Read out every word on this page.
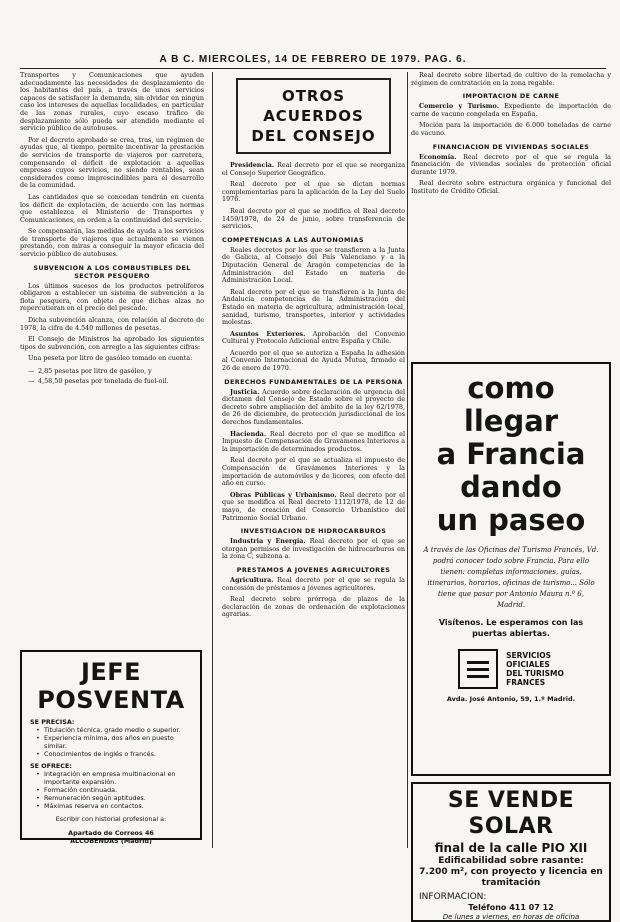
A B C. MIERCOLES, 14 DE FEBRERO DE 1979. PAG. 6.

Transportes y Comunicaciones que ayuden adecuadamente las necesidades de desplazamiento de los habitantes del país, a través de unos servicios capaces de satisfacer la demanda, sin olvidar en ningún caso los intereses de aquellas localidades, en particular de las zonas rurales, cuyo escaso tráfico de desplazamiento sólo pueda ser atendido mediante el servicio público de autobuses.

Por el decreto aprobado se crea, tras, un régimen de ayudas que, al tiempo, permite incentivar la prestación de servicios de transporte de viajeros por carretera, compensando el déficit de explotación a aquellas empresas cuyos servicios, no siendo rentables, sean considerados como imprescindibles para el desarrollo de la comunidad.

Las cantidades que se concedan tendrán en cuenta los déficit de explotación, de acuerdo con las normas que establezca el Ministerio de Transportes y Comunicaciones, en orden a la continuidad del servicio.

Se compensarán, las medidas de ayuda a los servicios de transporte de viajeros que actualmente se vienen prestando, con miras a conseguir la mayor eficacia del servicio público de autobuses.

SUBVENCION A LOS COMBUSTIBLES DEL SECTOR PESQUERO

Los últimos sucesos de los productos petrolíferos obligaron a establecer un sistema de subvención a la flota pesquera, con objeto de que dichas alzas no repercutieran en el precio del pescado.

Dicha subvención alcanza, con relación al decreto de 1978, la cifra de 4.540 millones de pesetas.

El Consejo de Ministros ha aprobado los siguientes tipos de subvención, con arreglo a las siguientes cifras:

Una peseta por litro de gasóleo tomado en cuenta:

— 2,85 pesetas por litro de gasóleo, y
— 4,58,50 pesetas por tonelada de fuel-oil.
JEFE POSVENTA
SE PRECISA:
• Titulación técnica, grado medio o superior.
• Experiencia mínima, dos años en puesto similar.
• Conocimientos de inglés o francés.
SE OFRECE:
• Integración en empresa multinacional en importante expansión.
• Formación continuada.
• Remuneración según aptitudes.
• Máximas reserva en contactos.
Escribir con historial profesional a:
Apartado de Correos 46
ALCOBENDAS (Madrid)
OTROS ACUERDOS
DEL CONSEJO

Presidencia. Real decreto por el que se reorganiza el Consejo Superior Geográfico.

Real decreto por el que se dictan normas complementarias para la aplicación de la Ley del Suelo 1976.

Real decreto por el que se modifica el Real decreto 1459/1978, de 24 de junio, sobre transferencia de servicios.

COMPETENCIAS A LAS AUTONOMIAS

Reales decretos por los que se transfieren a la Junta de Galicia, al Consejo del País Valenciano y a la Diputación General de Aragón competencias de la Administración del Estado en materia de Administración Local.

Real decreto por el que se transfieren a la Junta de Andalucía competencias de la Administración del Estado en materia de agricultura, administración local, sanidad, turismo, transportes, interior y actividades molestas.

Asuntos Exteriores. Aprobación del Convenio Cultural y Protocolo Adicional entre España y Chile.

Acuerdo por el que se autoriza a España la adhesión al Convenio Internacional de Ayuda Mutua, firmado el 26 de enero de 1970.

DERECHOS FUNDAMENTALES DE LA PERSONA

Justicia. Acuerdo sobre declaración de urgencia del dictamen del Consejo de Estado sobre el proyecto de decreto sobre ampliación del ámbito de la ley 62/1978, de 26 de diciembre, de protección jurisdiccional de los derechos fundamentales.

Hacienda. Real decreto por el que se modifica el Impuesto de Compensación de Gravámenes Interiores a la importación de determinados productos.

Real decreto por el que se actualiza el impuesto de Compensación de Gravámenes Interiores y la importación de automóviles y de licores, con efecto del año en curso.

Obras Públicas y Urbanismo. Real decreto por el que se modifica el Real decreto 1112/1978, de 12 de mayo, de creación del Consorcio Urbanístico del Patrimonio Social Urbano.

INVESTIGACION DE HIDROCARBUROS

Industria y Energía. Real decreto por el que se otorgan permisos de investigación de hidrocarburos en la zona C, subzona a.

PRESTAMOS A JOVENES AGRICULTORES

Agricultura. Real decreto por el que se regula la concesión de préstamos a jóvenes agricultores.

Real decreto sobre prórroga de plazos de la declaración de zonas de ordenación de explotaciones agrarias.

Real decreto sobre libertad de cultivo de la remolacha y régimen de contratación en la zona regable.

IMPORTACION DE CARNE

Comercio y Turismo. Expediente de importación de carne de vacuno congelada en España.

Moción para la importación de 6.000 toneladas de carne de vacuno.

FINANCIACION DE VIVIENDAS SOCIALES

Economía. Real decreto por el que se regula la financiación de viviendas sociales de protección oficial durante 1979.

Real decreto sobre estructura orgánica y funcional del Instituto de Crédito Oficial.

como llegar
a Francia
dando
un paseo
A través de las Oficinas del Turismo Francés, Vd. podrá conocer todo sobre Francia. Para ello tienen: completas informaciones, guías, itinerarios, horarios, oficinas de turismo... Sólo tiene que pasar por Antonio Maura n.º 6, Madrid.
Visítenos. Le esperamos con las puertas abiertas.
SERVICIOS
OFICIALES
DEL TURISMO
FRANCES
Avda. José Antonio, 59, 1.º Madrid.
SE VENDE SOLAR
final de la calle PIO XII
Edificabilidad sobre rasante:
7.200 m², con proyecto y licencia en tramitación
INFORMACION:
Teléfono 411 07 12
De lunes a viernes, en horas de oficina
